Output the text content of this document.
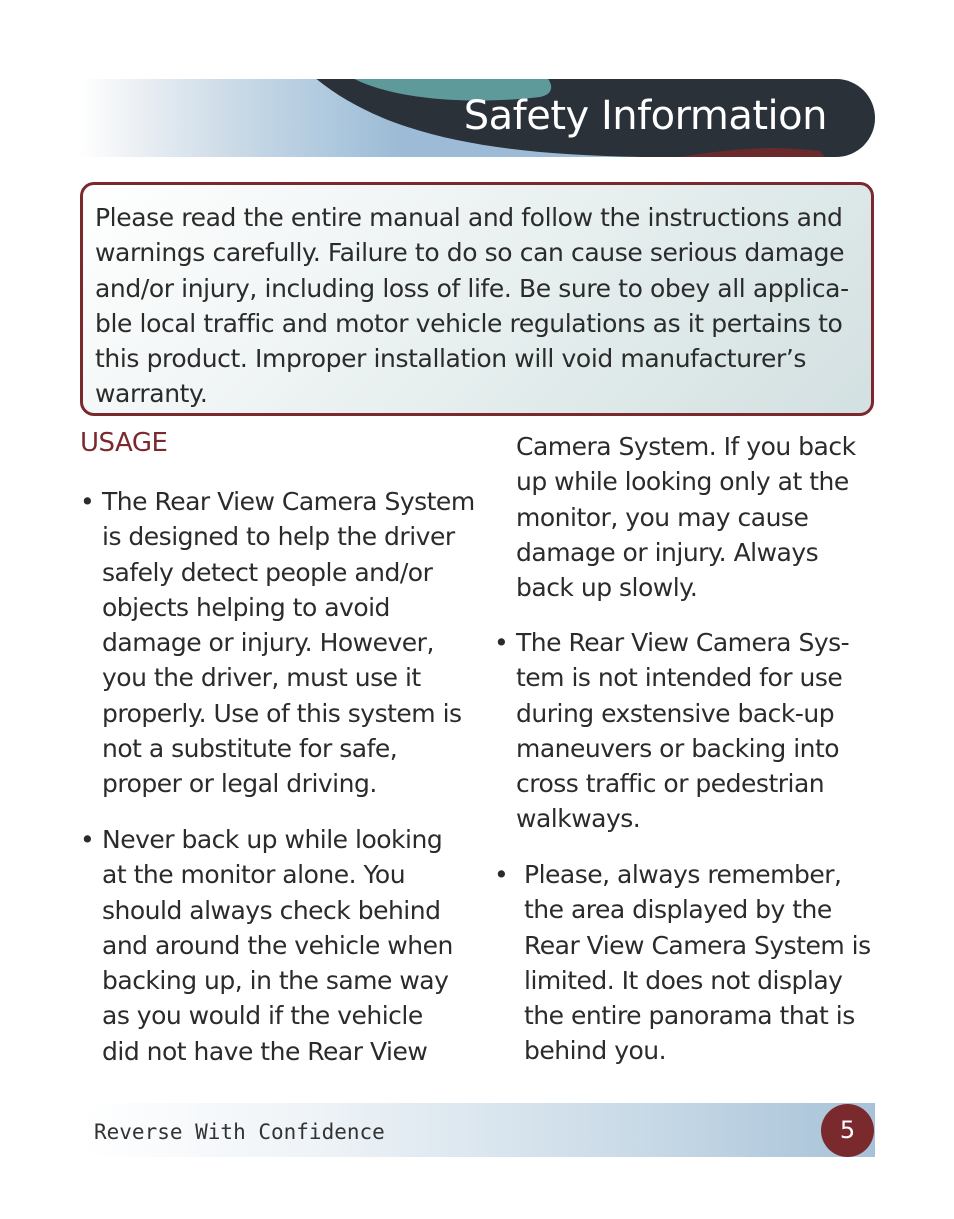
Safety Information

Please read the entire manual and follow the instructions and
warnings carefully. Failure to do so can cause serious damage
and/or injury, including loss of life. Be sure to obey all applica-
ble local traffic and motor vehicle regulations as it pertains to
this product. Improper installation will void manufacturer’s
warranty.

USAGE
• The Rear View Camera System
is designed to help the driver
safely detect people and/or
objects helping to avoid
damage or injury. However,
you the driver, must use it
properly. Use of this system is
not a substitute for safe,
proper or legal driving.

• Never back up while looking
at the monitor alone. You
should always check behind
and around the vehicle when
backing up, in the same way
as you would if the vehicle
did not have the Rear View

Camera System. If you back
up while looking only at the
monitor, you may cause
damage or injury. Always
back up slowly.

• The Rear View Camera Sys-
tem is not intended for use
during exstensive back-up
maneuvers or backing into
cross traffic or pedestrian
walkways.

• Please, always remember,
the area displayed by the
Rear View Camera System is
limited. It does not display
the entire panorama that is
behind you.

Reverse With Confidence	5
